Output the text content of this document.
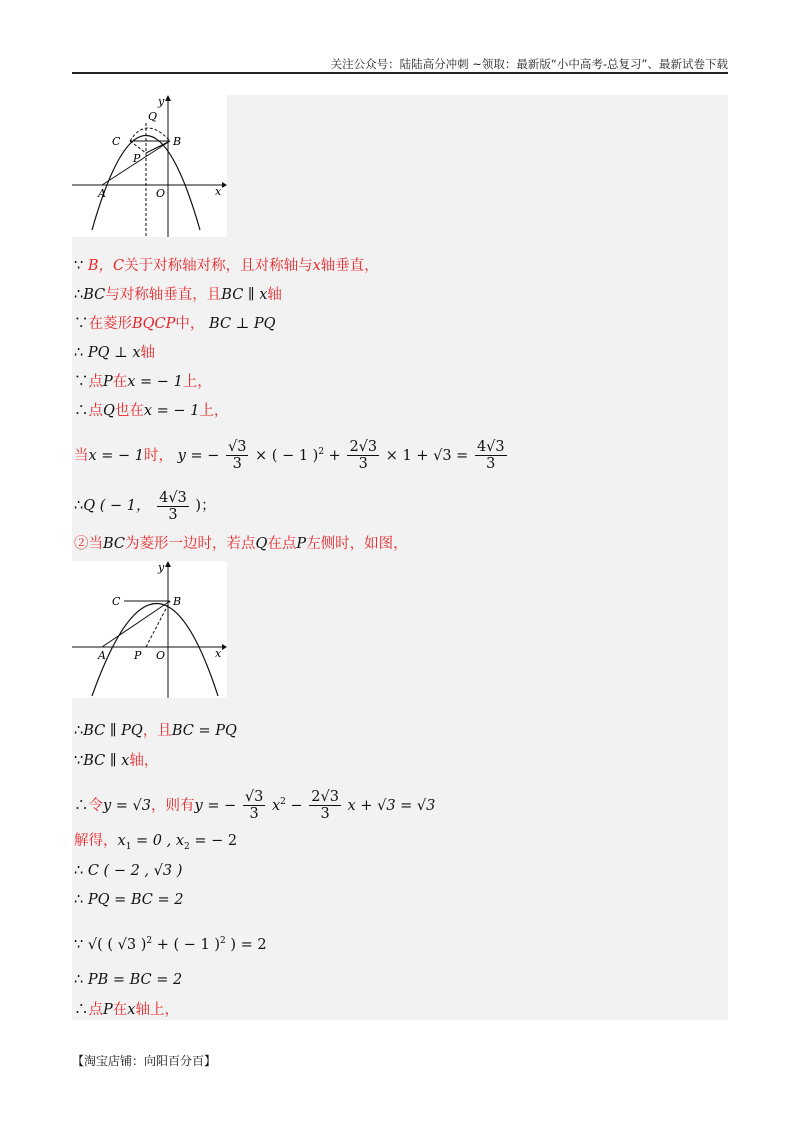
关注公众号：陆陆高分冲刺 ~领取：最新版“小中高考-总复习”、最新试卷下载
y
x
Q
C	B
P
A	O
∵ B，C关于对称轴对称，且对称轴与x轴垂直，
∴BC与对称轴垂直，且BC ∥ x轴
∵在菱形BQCP中， BC ⊥ PQ
∴ PQ ⊥ x轴
∵点P在x = − 1上，
∴点Q也在x = − 1上，
当x = − 1时， y = − $\frac{√3}{3}$ × ( − 1 )$^2 + \frac{2√3}{3} \times 1 + √3 = \frac{4√3}{3}$
∴Q ( − 1， $\frac{4√3}{3}$ )；
②当BC为菱形一边时，若点Q在点P左侧时，如图，
y
x
C	B
A	P O
∴BC ∥ PQ，且BC = PQ
∵BC ∥ x轴，
∴令y = √3，则有y = − $\frac{√3}{3} x^2 - \frac{2√3}{3}$ x + √3 = √3
解得，$x_1 = 0$ , $x_2$ = − 2
∴ C ( − 2 , √3 )
∴ PQ = BC = 2
∵ √( ( √3 )$^2$ + ( − 1 )$^2$ ) = 2
∴ PB = BC = 2
∴点P在x轴上，
【淘宝店铺：向阳百分百】
